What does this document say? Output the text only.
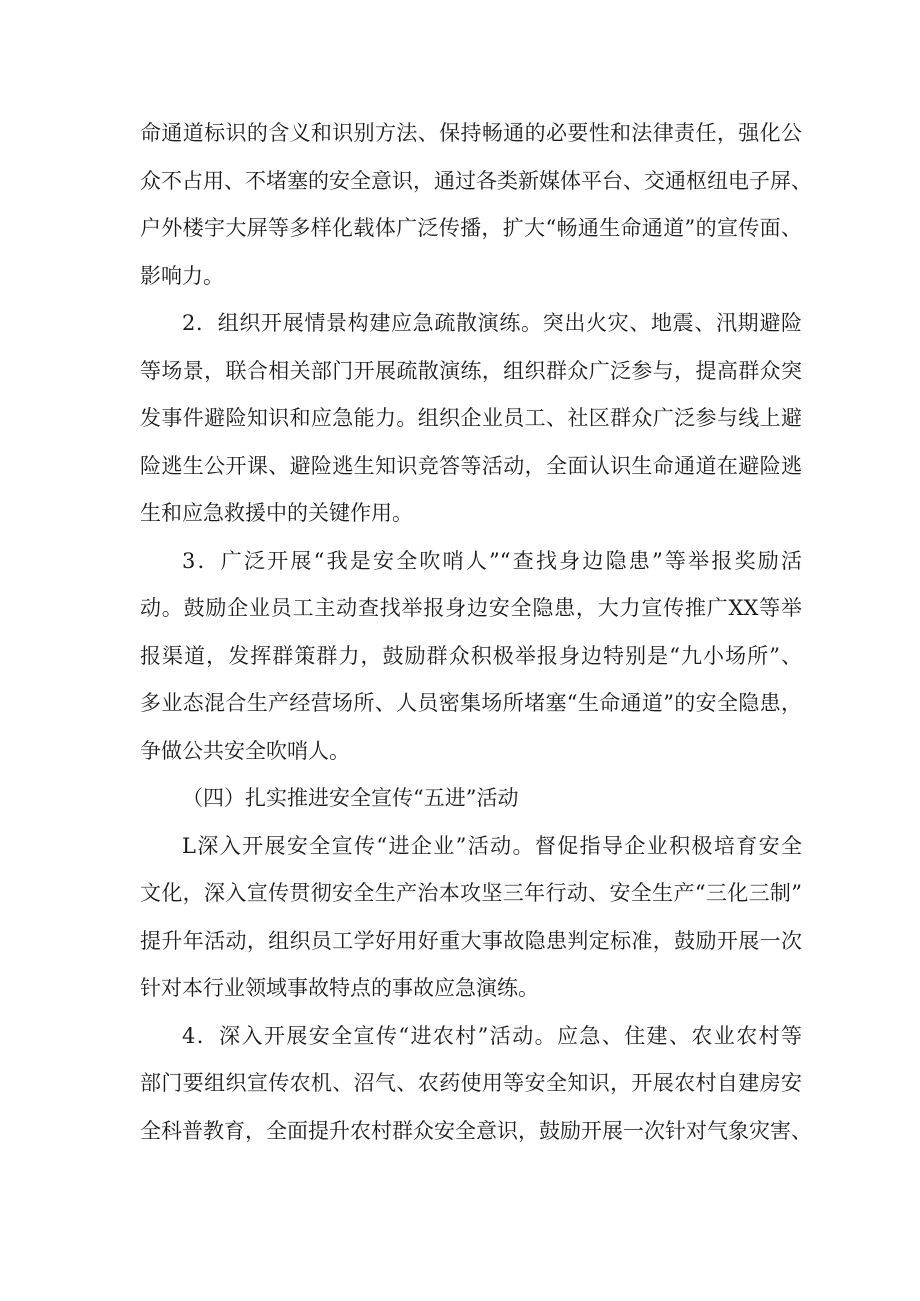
命通道标识的含义和识别方法、保持畅通的必要性和法律责任，强化公
众不占用、不堵塞的安全意识，通过各类新媒体平台、交通枢纽电子屏、
户外楼宇大屏等多样化载体广泛传播，扩大“畅通生命通道”的宣传面、
影响力。
2．组织开展情景构建应急疏散演练。突出火灾、地震、汛期避险
等场景，联合相关部门开展疏散演练，组织群众广泛参与，提高群众突
发事件避险知识和应急能力。组织企业员工、社区群众广泛参与线上避
险逃生公开课、避险逃生知识竞答等活动，全面认识生命通道在避险逃
生和应急救援中的关键作用。
3．广泛开展“我是安全吹哨人”“查找身边隐患”等举报奖励活
动。鼓励企业员工主动查找举报身边安全隐患，大力宣传推广XX等举
报渠道，发挥群策群力，鼓励群众积极举报身边特别是“九小场所”、
多业态混合生产经营场所、人员密集场所堵塞“生命通道”的安全隐患，
争做公共安全吹哨人。
（四）扎实推进安全宣传“五进”活动
L深入开展安全宣传“进企业”活动。督促指导企业积极培育安全
文化，深入宣传贯彻安全生产治本攻坚三年行动、安全生产“三化三制”
提升年活动，组织员工学好用好重大事故隐患判定标准，鼓励开展一次
针对本行业领域事故特点的事故应急演练。
4．深入开展安全宣传“进农村”活动。应急、住建、农业农村等
部门要组织宣传农机、沼气、农药使用等安全知识，开展农村自建房安
全科普教育，全面提升农村群众安全意识，鼓励开展一次针对气象灾害、
